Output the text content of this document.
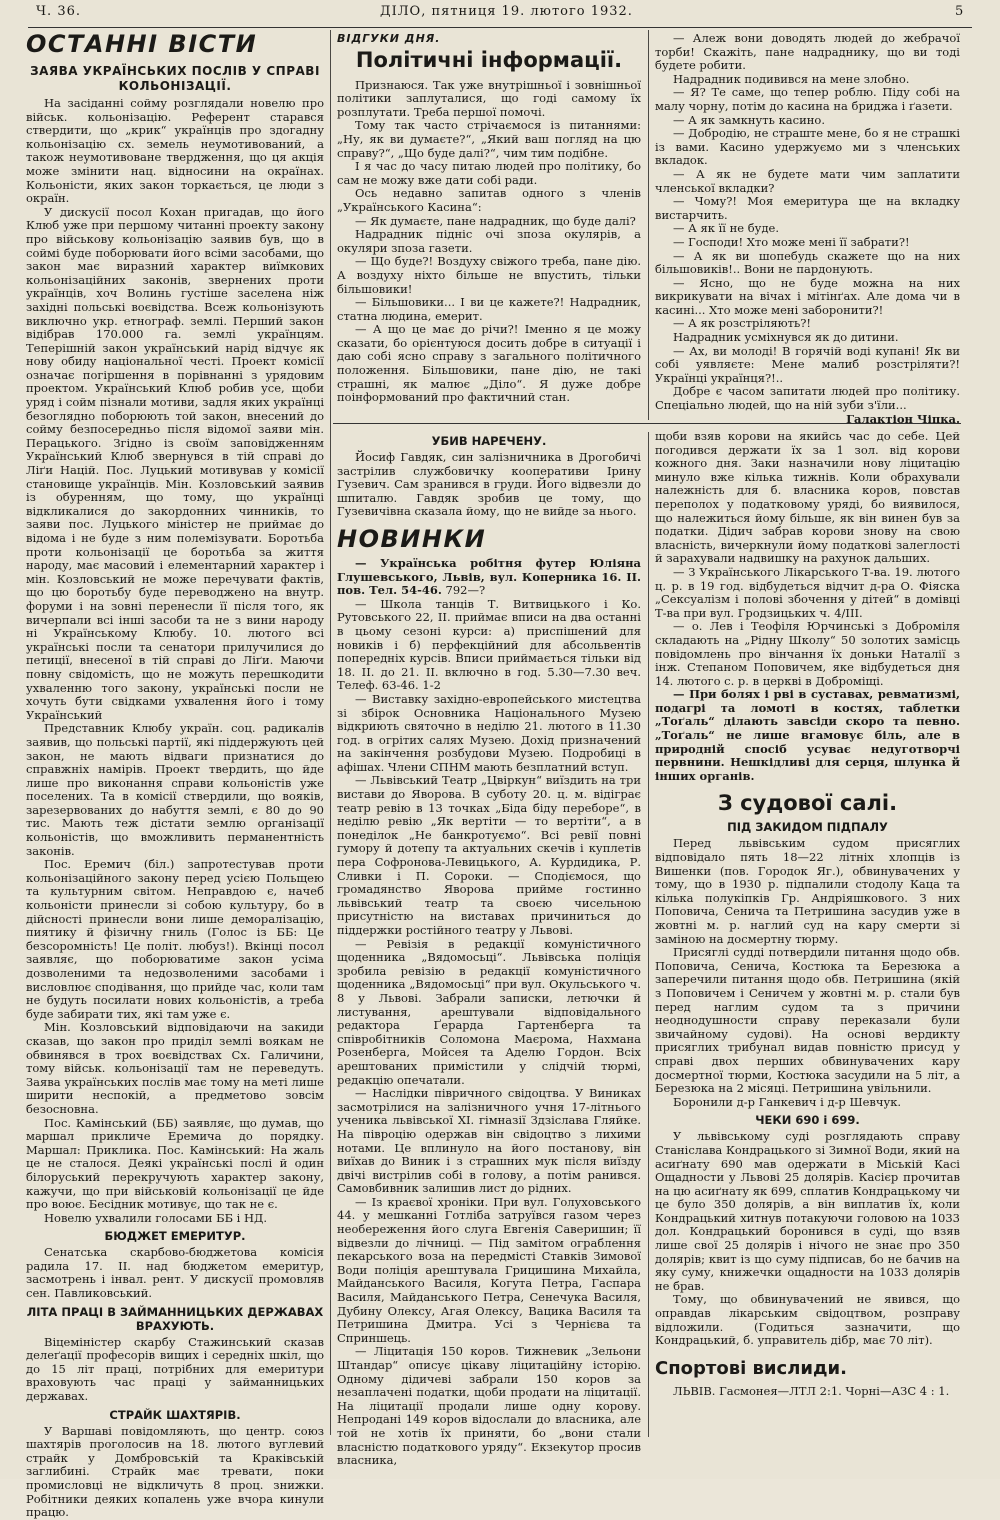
Ч. 36.	ДІЛО, пятниця 19. лютого 1932.	5
ОСТАННІ ВІСТИ
ЗАЯВА УКРАЇНСЬКИХ ПОСЛІВ У СПРАВІ КОЛЬОНІЗАЦІЇ.

На засіданні сойму розглядали новелю про військ. кольонізацію. Референт старався ствердити, що „крик“ українців про здогадну кольонізацію сх. земель неумотивований, а також неумотивоване твердження, що ця акція може змінити нац. відносини на окраїнах. Кольоністи, яких закон торкається, це люди з окраїн.

У дискусії посол Кохан пригадав, що його Клюб уже при першому читанні проекту закону про військову кольонізацію заявив був, що в соймі буде поборювати його всіми засобами, що закон має виразний характер виїмкових кольонізаційних законів, звернених проти українців, хоч Волинь густіше заселена ніж західні польські воєвідства. Всеж кольонізують виключно укр. етнограф. землі. Перший закон відібрав 170.000 га. землі українцям. Теперішній закон український нарід відчує як нову обиду національної честі. Проект комісії означає погіршення в порівнанні з урядовим проектом. Український Клюб робив усе, щоби уряд і сойм пізнали мотиви, задля яких українці безоглядно поборюють той закон, внесений до сойму безпосередньо після відомої заяви мін. Перацького. Згідно із своїм заповідженням Український Клюб звернувся в тій справі до Ліґи Націй. Пос. Луцький мотивував у комісії становище українців. Мін. Козловський заявив із обуренням, що тому, що українці відкликалися до закордонних чинників, то заяви пос. Луцького міністер не приймає до відома і не буде з ним полемізувати. Боротьба проти кольонізації це боротьба за життя народу, має масовий і елементарний характер і мін. Козловський не може перечувати фактів, що цю боротьбу буде переводжено на внутр. форуми і на зовні перенесли її після того, як вичерпали всі інші засоби та не з вини народу ні Українському Клюбу. 10. лютого всі українські посли та сенатори прилучилися до петиції, внесеної в тій справі до Ліґи. Маючи повну свідомість, що не можуть перешкодити ухваленню того закону, українські посли не хочуть бути свідками ухвалення його і тому Український

Представник Клюбу україн. соц. радикалів заявив, що польські партії, які піддержують цей закон, не мають відваги признатися до справжніх намірів. Проект твердить, що йде лише про виконання справи кольоністів уже поселених. Та в комісії ствердили, що вояків, зарезервованих до набуття землі, є 80 до 90 тис. Мають теж дістати землю організації кольоністів, що вможливить перманентність законів.

Пос. Еремич (біл.) запротестував проти кольонізаційного закону перед усією Польщею та культурним світом. Неправдою є, начеб кольоністи принесли зі собою культуру, бо в дійсності принесли вони лише деморалізацію, пиятику й фізичну гниль (Голос із ББ: Це безсоромність! Це політ. любуз!). Вкінці посол заявляє, що поборюватиме закон усіма дозволеними та недозволеними засобами і висловлює сподівання, що прийде час, коли там не будуть посилати нових кольоністів, а треба буде забирати тих, які там уже є.

Мін. Козловський відповідаючи на закиди сказав, що закон про приділ землі воякам не обвинявся в трох воєвідствах Сх. Галичини, тому військ. кольонізації там не переведуть. Заява українських послів має тому на меті лише ширити неспокій, а предметово зовсім безосновна.

Пос. Камінський (ББ) заявляє, що думав, що маршал прикличе Еремича до порядку. Маршал: Приклика. Пос. Камінський: На жаль це не сталося. Деякі українські послі й один білоруський перекручують характер закону, кажучи, що при військовій кольонізації це йде про воює. Бесідник мотивує, що так не є.

Новелю ухвалили голосами ББ і НД.

БЮДЖЕТ ЕМЕРИТУР.

Сенатська скарбово-бюджетова комісія радила 17. II. над бюджетом емеритур, засмотрень і інвал. рент. У дискусії промовляв сен. Павликовський.

ЛІТА ПРАЦІ В ЗАЙМАННИЦЬКИХ ДЕРЖАВАХ ВРАХУЮТЬ.

Віцеміністер скарбу Стажинський сказав делеґації професорів вищих і середніх шкіл, що до 15 літ праці, потрібних для емеритури враховують час праці у займанницьких державах.

СТРАЙК ШАХТЯРІВ.

У Варшаві повідомляють, що центр. союз шахтярів проголосив на 18. лютого вуглевий страйк у Домбровській та Краківській заглибині. Страйк має тревати, поки промисловці не відкличуть 8 проц. знижки. Робітники деяких копалень уже вчора кинули працю.

ВІДГУКИ ДНЯ.
Політичні інформації.

Признаюся. Так уже внутрішньої і зовнішньої політики заплуталися, що годі самому їх розплутати. Треба першої помочі.

Тому так часто стрічаємося із питаннями: „Ну, як ви думаєте?“, „Який ваш погляд на цю справу?“, „Що буде далі?“, чим тим подібне.

І я час до часу питаю людей про політику, бо сам не можу вже дати собі ради.

Ось недавно запитав одного з членів „Українського Касина“:

— Як думаєте, пане надрадник, що буде далі?

Надрадник підніс очі зпоза окулярів, а окуляри зпоза газети.

— Що буде?! Воздуху свіжого треба, пане дію. А воздуху ніхто більше не впустить, тільки більшовики!

— Більшовики... І ви це кажете?! Надрадник, статна людина, емерит.

— А що це має до річи?! Іменно я це можу сказати, бо орієнтуюся досить добре в ситуації і даю собі ясно справу з загального політичного положення. Більшовики, пане дію, не такі страшні, як малює „Діло“. Я дуже добре поінформований про фактичний стан.

— Алеж вони доводять людей до жебрачої торби! Скажіть, пане надраднику, що ви тоді будете робити.

Надрадник подивився на мене злобно.

— Я? Те саме, що тепер роблю. Піду собі на малу чорну, потім до касина на бриджа і ґазети.

— А як замкнуть касино.

— Добродію, не страште мене, бо я не страшкі із вами. Касино удержуємо ми з членських вкладок.

— А як не будете мати чим заплатити членської вкладки?

— Чому?! Моя емеритура ще на вкладку вистарчить.

— А як її не буде.

— Господи! Хто може мені її забрати?!

— А як ви шопебудь скажете що на них більшовиків!.. Вони не пардонують.

— Ясно, що не буде можна на них викрикувати на вічах і мітінґах. Але дома чи в касині... Хто може мені заборонити?!

— А як розстріляють?!

Надрадник усміхнувся як до дитини.

— Ах, ви молоді! В горячій воді купані! Як ви собі уявляєте: Мене малиб розстріляти?! Українці українця?!..

Добре є часом запитати людей про політику. Спеціально людей, що на ній зуби з'їли...

Галактіон Чіпка.
УБИВ НАРЕЧЕНУ.

Йосиф Гавдяк, син залізничника в Дрогобичі застрілив службовичку кооперативи Ірину Гузевич. Сам зранився в груди. Його відвезли до шпиталю. Гавдяк зробив це тому, що Гузевичівна сказала йому, що не вийде за нього.

НОВИНКИ

— Українська робітня футер Юліяна Глушевського, Львів, вул. Коперника 16. II. пов. Тел. 54-46. 792—?

— Школа танців Т. Витвицького і Ко. Рутовського 22, II. приймає вписи на два останні в цьому сезоні курси: а) приспішений для новиків і б) перфекційний для абсольвентів попередніх курсів. Вписи приймається тільки від 18. II. до 21. II. включно в год. 5.30—7.30 веч. Телеф. 63-46. 1-2

— Виставку західно-европейського мистецтва зі збірок Основника Національного Музею відкриють святочно в неділю 21. лютого в 11.30 год. в огрітих салях Музею. Дохід призначений на закінчення розбудови Музею. Подробиці в афішах. Члени СПНМ мають безплатний вступ.

— Львівський Театр „Цвіркун“ виїздить на три вистави до Яворова. В суботу 20. ц. м. відіграє театр ревію в 13 точках „Біда біду переборе“, в неділю ревію „Як вертіти — то вертіти“, а в понеділок „Не банкротуємо“. Всі ревії повні гумору й дотепу та актуальних скечів і куплетів пера Софронова-Левицького, А. Курдидика, Р. Сливки і П. Сороки. — Сподіємося, що громадянство Яворова прийме гостинно львівський театр та своєю чисельною присутністю на виставах причиниться до піддержки ростійного театру у Львові.

— Ревізія в редакції комуністичного щоденника „Вядомосьці“. Львівська поліція зробила ревізію в редакції комуністичного щоденника „Вядомосьці“ при вул. Окульського ч. 8 у Львові. Забрали записки, летючки й листування, арештували відповідального редактора Ґерарда Гартенберга та співробітників Соломона Маєрома, Нахмана Розенберга, Мойсея та Аделю Гордон. Всіх арештованих примістили у слідчій тюрмі, редакцію опечатали.

— Наслідки півричного свідоцтва. У Виниках засмотрілися на залізничного учня 17-літнього ученика львівської XI. гімназії Здзіслава Гляйке. На півроцію одержав він свідоцтво з лихими нотами. Це вплинуло на його постанову, він виїхав до Виник і з страшних мук після виїзду двічі вистрілив собі в голову, а потім ранився. Самовбивник залишив лист до рідних.

— Із краєвої хроніки. При вул. Голуховського 44. у мешканні Готліба затруївся газом через необереження його слуга Евгенія Саверишин; її відвезли до лічниці. — Під замітом ограблення пекарського воза на передмісті Ставків Зимової Води поліція арештувала Грицишина Михайла, Майданського Василя, Когута Петра, Гаспара Василя, Майданського Петра, Сенечука Василя, Дубину Олексу, Агая Олексу, Вацика Василя та Петришина Дмитра. Усі з Чернієва та Сприншець.

— Ліцитація 150 коров. Тижневик „Зельони Штандар“ описує цікаву ліцитаційну історію. Одному дідичеві забрали 150 коров за незаплачені податки, щоби продати на ліцитації. На ліцитації продали лише одну корову. Непродані 149 коров відослали до власника, але той не хотів їх приняти, бо „вони стали власністю податкового уряду“. Екзекутор просив власника,

щоби взяв корови на якийсь час до себе. Цей погодився держати їх за 1 зол. від корови кожного дня. Заки назначили нову ліцитацію минуло вже кілька тижнів. Коли обрахували належність для б. власника коров, повстав переполох у податковому уряді, бо виявилося, що належиться йому більше, як він винен був за податки. Дідич забрав корови знову на свою власність, вичеркнули йому податкові залеглості й зарахували надвишку на рахунок дальших.

— З Українського Лікарського Т-ва. 19. лютого ц. р. в 19 год. відбудеться відчит д-ра О. Фіяска „Сексуалізм і полові збочення у дітей“ в домівці Т-ва при вул. Гродзицьких ч. 4/III.

— о. Лев і Теофіля Юрчинські з Доброміля складають на „Рідну Школу“ 50 золотих замісць повідомлень про вінчання їх доньки Наталії з інж. Степаном Поповичем, яке відбудеться дня 14. лютого с. р. в церкві в Доброміщі.

— При болях і рві в суставах, ревматизмі, подагрі та ломоті в костях, таблетки „Тоґаль“ ділають завсіди скоро та певно. „Тоґаль“ не лише вгамовує біль, але в природній спосіб усуває недуготворчі первнини. Нешкідливі для серця, шлунка й інших органів.

З судової салі.
ПІД ЗАКИДОМ ПІДПАЛУ

Перед львівським судом присяглих відповідало пять 18—22 літніх хлопців із Вишенки (пов. Городок Яг.), обвинувачених у тому, що в 1930 р. підпалили стодолу Каца та кілька полукіпків Гр. Андріяшкового. З них Поповича, Сенича та Петришина засудив уже в жовтні м. р. наглий суд на кару смерти зі заміною на досмертну тюрму.

Присяглі судді потвердили питання щодо обв. Поповича, Сенича, Костюка та Березюка а заперечили питання щодо обв. Петришина (якій з Поповичем і Сеничем у жовтні м. р. стали був перед наглим судом та з причини неоднодушности справу переказали були звичайному судові). На основі вердикту присяглих трибунал видав повністю присуд у справі двох перших обвинувачених кару досмертної тюрми, Костюка засудили на 5 літ, а Березюка на 2 місяці. Петришина увільнили.

Боронили д-р Ганкевич і д-р Шевчук.

ЧЕКИ 690 і 699.

У львівському суді розглядають справу Станіслава Кондрацького зі Зимної Води, який на асиґнату 690 мав одержати в Міській Касі Ощадности у Львові 25 долярів. Касієр прочитав на цю асиґнату як 699, сплатив Кондрацькому чи це було 350 долярів, а він виплатив їх, коли Кондрацький хитнув потакуючи головою на 1033 дол. Кондрацький боронився в суді, що взяв лише свої 25 долярів і нічого не знає про 350 долярів; квит із що суму підписав, бо не бачив на яку суму, книжечки ощадности на 1033 долярів не брав.

Тому, що обвинувачений не явився, що оправдав лікарським свідоцтвом, розправу відложили. (Годиться зазначити, що Кондрацький, б. управитель дібр, має 70 літ).

Спортові вислиди.

ЛЬВІВ. Гасмонея—ЛТЛ 2:1. Чорні—АЗС 4 : 1.
